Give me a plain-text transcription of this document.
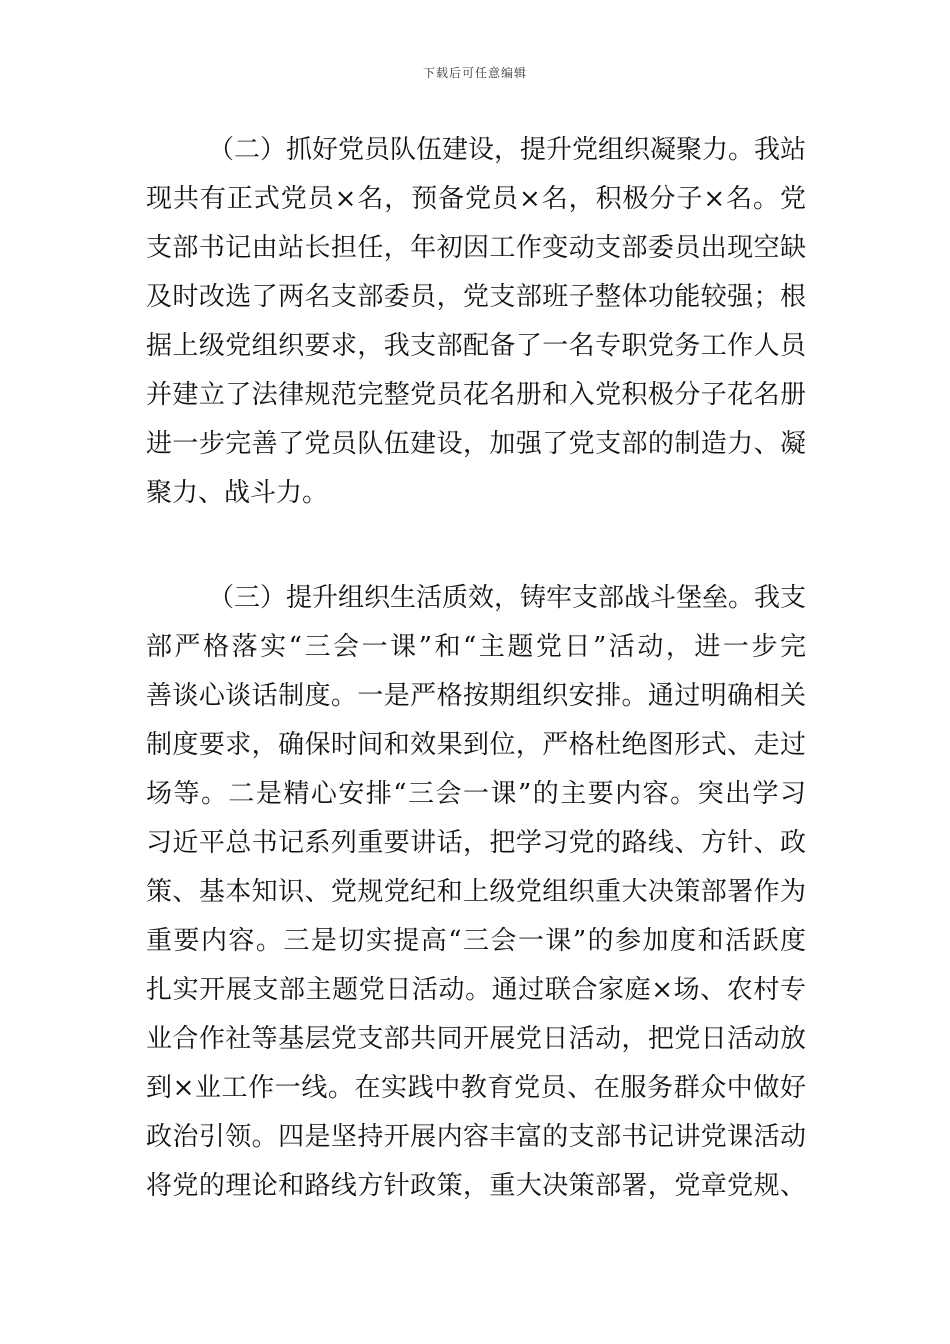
下载后可任意编辑
（二）抓好党员队伍建设，提升党组织凝聚力。我站
现共有正式党员×名，预备党员×名，积极分子×名。党
支部书记由站长担任，年初因工作变动支部委员出现空缺
及时改选了两名支部委员，党支部班子整体功能较强；根
据上级党组织要求，我支部配备了一名专职党务工作人员
并建立了法律规范完整党员花名册和入党积极分子花名册
进一步完善了党员队伍建设，加强了党支部的制造力、凝
聚力、战斗力。
（三）提升组织生活质效，铸牢支部战斗堡垒。我支
部严格落实“三会一课”和“主题党日”活动，进一步完
善谈心谈话制度。一是严格按期组织安排。通过明确相关
制度要求，确保时间和效果到位，严格杜绝图形式、走过
场等。二是精心安排“三会一课”的主要内容。突出学习
习近平总书记系列重要讲话，把学习党的路线、方针、政
策、基本知识、党规党纪和上级党组织重大决策部署作为
重要内容。三是切实提高“三会一课”的参加度和活跃度
扎实开展支部主题党日活动。通过联合家庭×场、农村专
业合作社等基层党支部共同开展党日活动，把党日活动放
到×业工作一线。在实践中教育党员、在服务群众中做好
政治引领。四是坚持开展内容丰富的支部书记讲党课活动
将党的理论和路线方针政策，重大决策部署，党章党规、
